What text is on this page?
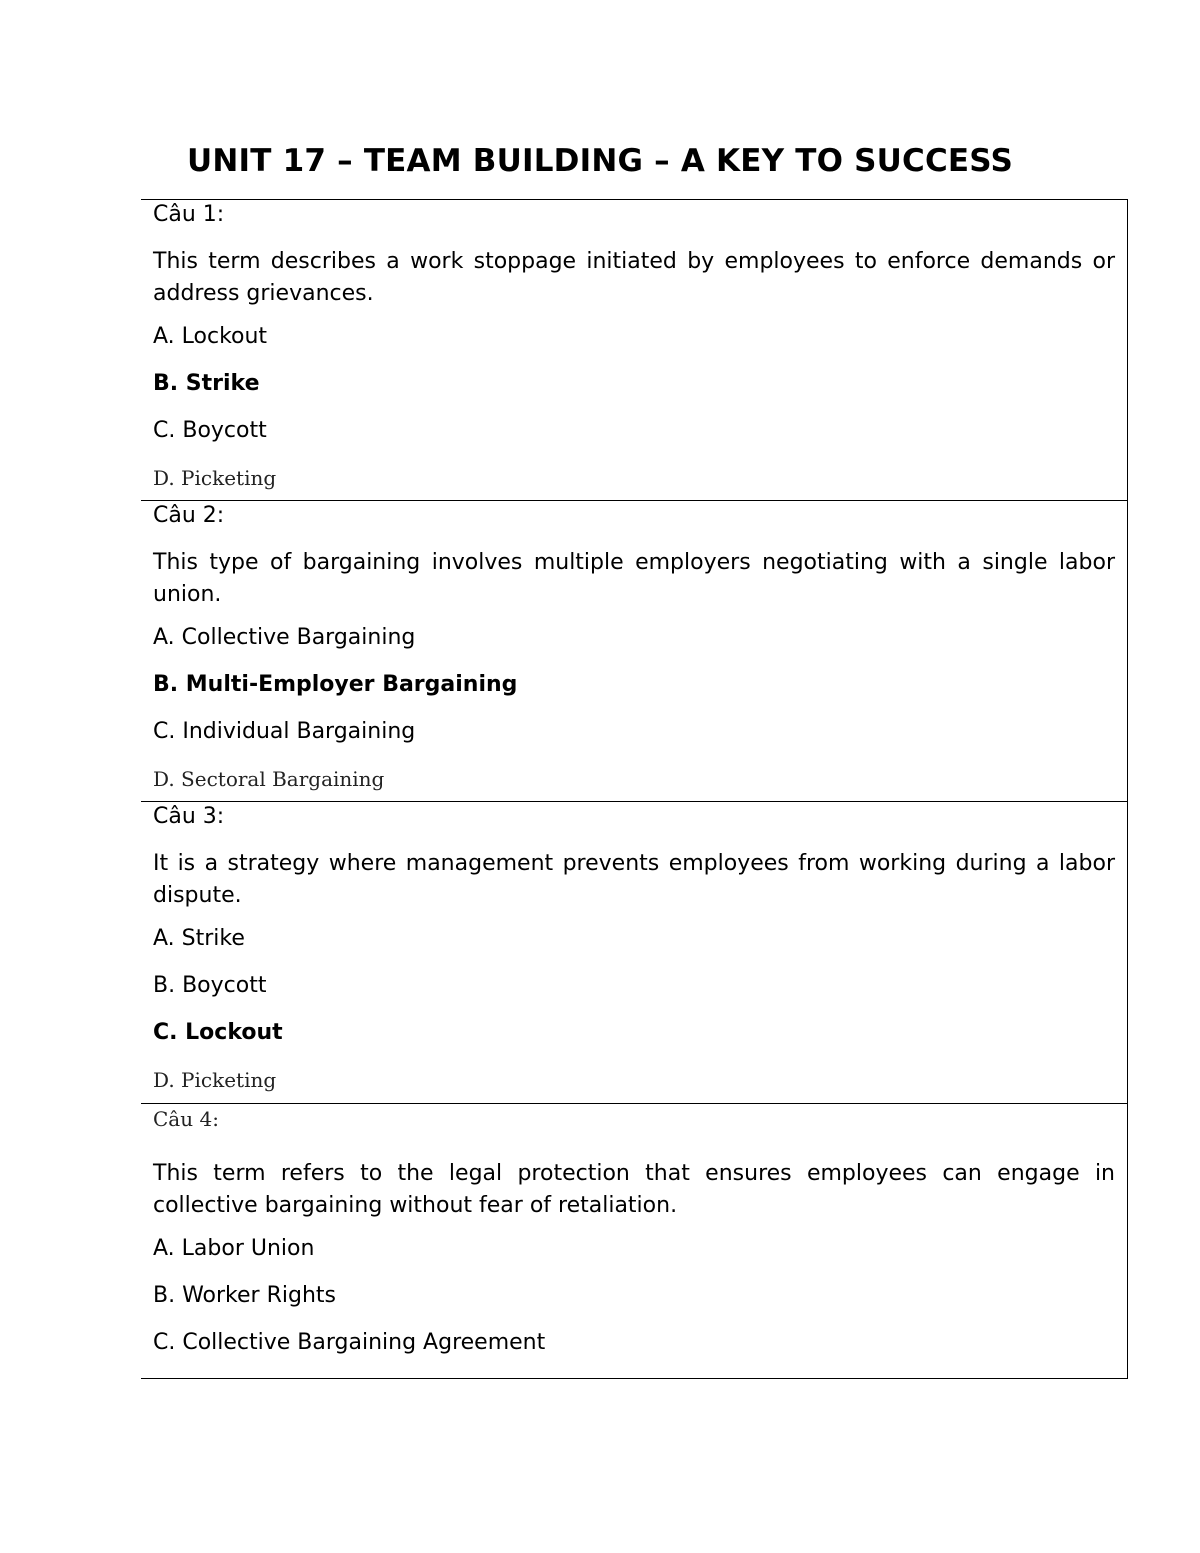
UNIT 17 – TEAM BUILDING – A KEY TO SUCCESS
Câu 1:
This term describes a work stoppage initiated by employees to enforce demands or address grievances.
A. Lockout
B. Strike
C. Boycott
D. Picketing
Câu 2:
This type of bargaining involves multiple employers negotiating with a single labor union.
A. Collective Bargaining
B. Multi-Employer Bargaining
C. Individual Bargaining
D. Sectoral Bargaining
Câu 3:
It is a strategy where management prevents employees from working during a labor dispute.
A. Strike
B. Boycott
C. Lockout
D. Picketing
Câu 4:
This term refers to the legal protection that ensures employees can engage in collective bargaining without fear of retaliation.
A. Labor Union
B. Worker Rights
C. Collective Bargaining Agreement
